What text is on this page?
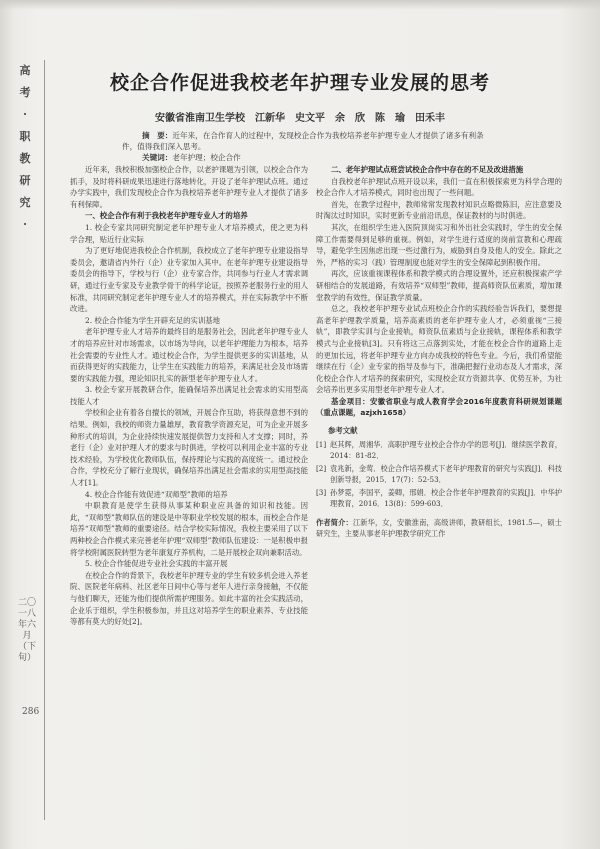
高
考
·
职
教
研
究
·
二〇一八年六月（下旬）
286
校企合作促进我校老年护理专业发展的思考
安徽省淮南卫生学校　江新华　史文平　余　欣　陈　瑜　田禾丰

摘　要：近年来，在合作育人的过程中，发现校企合作为我校培养老年护理专业人才提供了诸多有利条件，值得我们深入思考。

关键词：老年护理；校企合作

近年来，我校积极加强校企合作，以老护课题为引领，以校企合作为抓手，及时将科研成果迅速进行落地转化，开设了老年护理试点班。通过办学实践中，我们发现校企合作为我校培养老年护理专业人才提供了诸多有利保障。

一、校企合作有利于我校老年护理专业人才的培养

1. 校企专家共同研究制定老年护理专业人才培养模式，使之更为科学合理，贴近行业实际

为了更好地促进我校企合作机制，我校成立了老年护理专业建设指导委员会，邀请省内外行（企）业专家加入其中。在老年护理专业建设指导委员会的指导下，学校与行（企）业专家合作，共同参与行业人才需求调研，通过行业专家及专业教学骨干的科学论证，按照养老服务行业的用人标准，共同研究制定老年护理专业人才的培养模式，并在实际教学中不断改进。

2. 校企合作能为学生开辟充足的实训基地

老年护理专业人才培养的最终目的是服务社会，因此老年护理专业人才的培养应针对市场需求，以市场为导向，以老年护理能力为根本，培养社会需要的专业性人才。通过校企合作，为学生提供更多的实训基地，从而获得更好的实践能力，让学生在实践能力的培养，来满足社会及市场需要的实践能力强，理论知识扎实的新型老年护理专业人才。

3. 校企专家开展教研合作，能确保培养出满足社会需求的实用型高技能人才

学校和企业有着各自擅长的领域，开展合作互助，将获得意想不到的结果。例如，我校的师资力量雄厚，教育教学资源充足，可为企业开展多种形式的培训，为企业持续快速发展提供智力支持和人才支撑；同时，养老行（企）业对护理人才的要求与时俱进，学校可以利用企业丰富的专业技术经验，为学校优化教师队伍，保持理论与实践的高度统一。通过校企合作，学校充分了解行业现状，确保培养出满足社会需求的实用型高技能人才[1]。

4. 校企合作能有效促进“双师型”教师的培养

中职教育是使学生获得从事某种职业应具备的知识和技能。因此，“双师型”教师队伍的建设是中等职业学校发展的根本，而校企合作是培养“双师型”教师的重要途径。结合学校实际情况，我校主要采用了以下两种校企合作模式来完善老年护理“双师型”教师队伍建设：一是积极申报将学校附属医院转型为老年康复疗养机构，二是开展校企双向兼职活动。

5. 校企合作能促进专业社会实践的丰富开展

在校企合作的背景下，我校老年护理专业的学生有较多机会进入养老院、医院老年病科、社区老年日间中心等与老年人进行亲身接触，不仅能与他们聊天，还能为他们提供所需护理服务。如此丰富的社会实践活动，企业乐于组织，学生积极参加，并且这对培养学生的职业素养、专业技能等都有莫大的好处[2]。

二、老年护理试点班尝试校企合作中存在的不足及改进措施

自我校老年护理试点班开设以来，我们一直在积极探索更为科学合理的校企合作人才培养模式，同时也出现了一些问题。

首先，在教学过程中，教师常常发现教材知识点略微陈旧，应注意要及时淘汰过时知识，实时更新专业前沿讯息，保证教材的与时俱进。

其次，在组织学生进入医院顶岗实习和外出社会实践时，学生的安全保障工作需要得到足够的重视。例如，对学生进行适度的岗前宣教和心理疏导，避免学生因焦虑出现一些过激行为，威胁到自身及他人的安全。除此之外，严格的实习（践）管理制度也能对学生的安全保障起到积极作用。

再次，应该重视课程体系和教学模式的合理设置外，还应积极探索产学研相结合的发展道路，有效培养“双师型”教师，提高师资队伍素质，增加课堂教学的有效性，保证教学质量。

总之，我校老年护理专业试点班校企合作的实践经验告诉我们，要想提高老年护理教学质量，培养高素质的老年护理专业人才，必须重视“三接轨”，即教学实训与企业接轨，师资队伍素质与企业接轨，课程体系和教学模式与企业接轨[3]。只有将这三点落到实处，才能在校企合作的道路上走的更加长远，将老年护理专业方向办成我校的特色专业。今后，我们希望能继续在行（企）业专家的指导及参与下，准确把握行业动态及人才需求，深化校企合作人才培养的探索研究，实现校企双方资源共享、优势互补，为社会培养出更多实用型老年护理专业人才。

基金项目：安徽省职业与成人教育学会2016年度教育科研规划课题（重点课题，azjxh1658）

参考文献

[1] 赵其辉，周湘华．高职护理专业校企合作办学的思考[J]．继续医学教育，2014：81-82．

[2] 袁兆新，金莺．校企合作培养模式下老年护理教育的研究与实践[J]．科技创新导报，2015．17(7)：52-53．

[3] 孙梦霓，李国平，姜卿，邢娟．校企合作老年护理教育的实践[J]．中华护理教育，2016．13(8)：599-603．

作者简介：江新华，女，安徽淮南，高级讲师，教研组长，1981.5—，硕士研究生，主要从事老年护理教学研究工作
